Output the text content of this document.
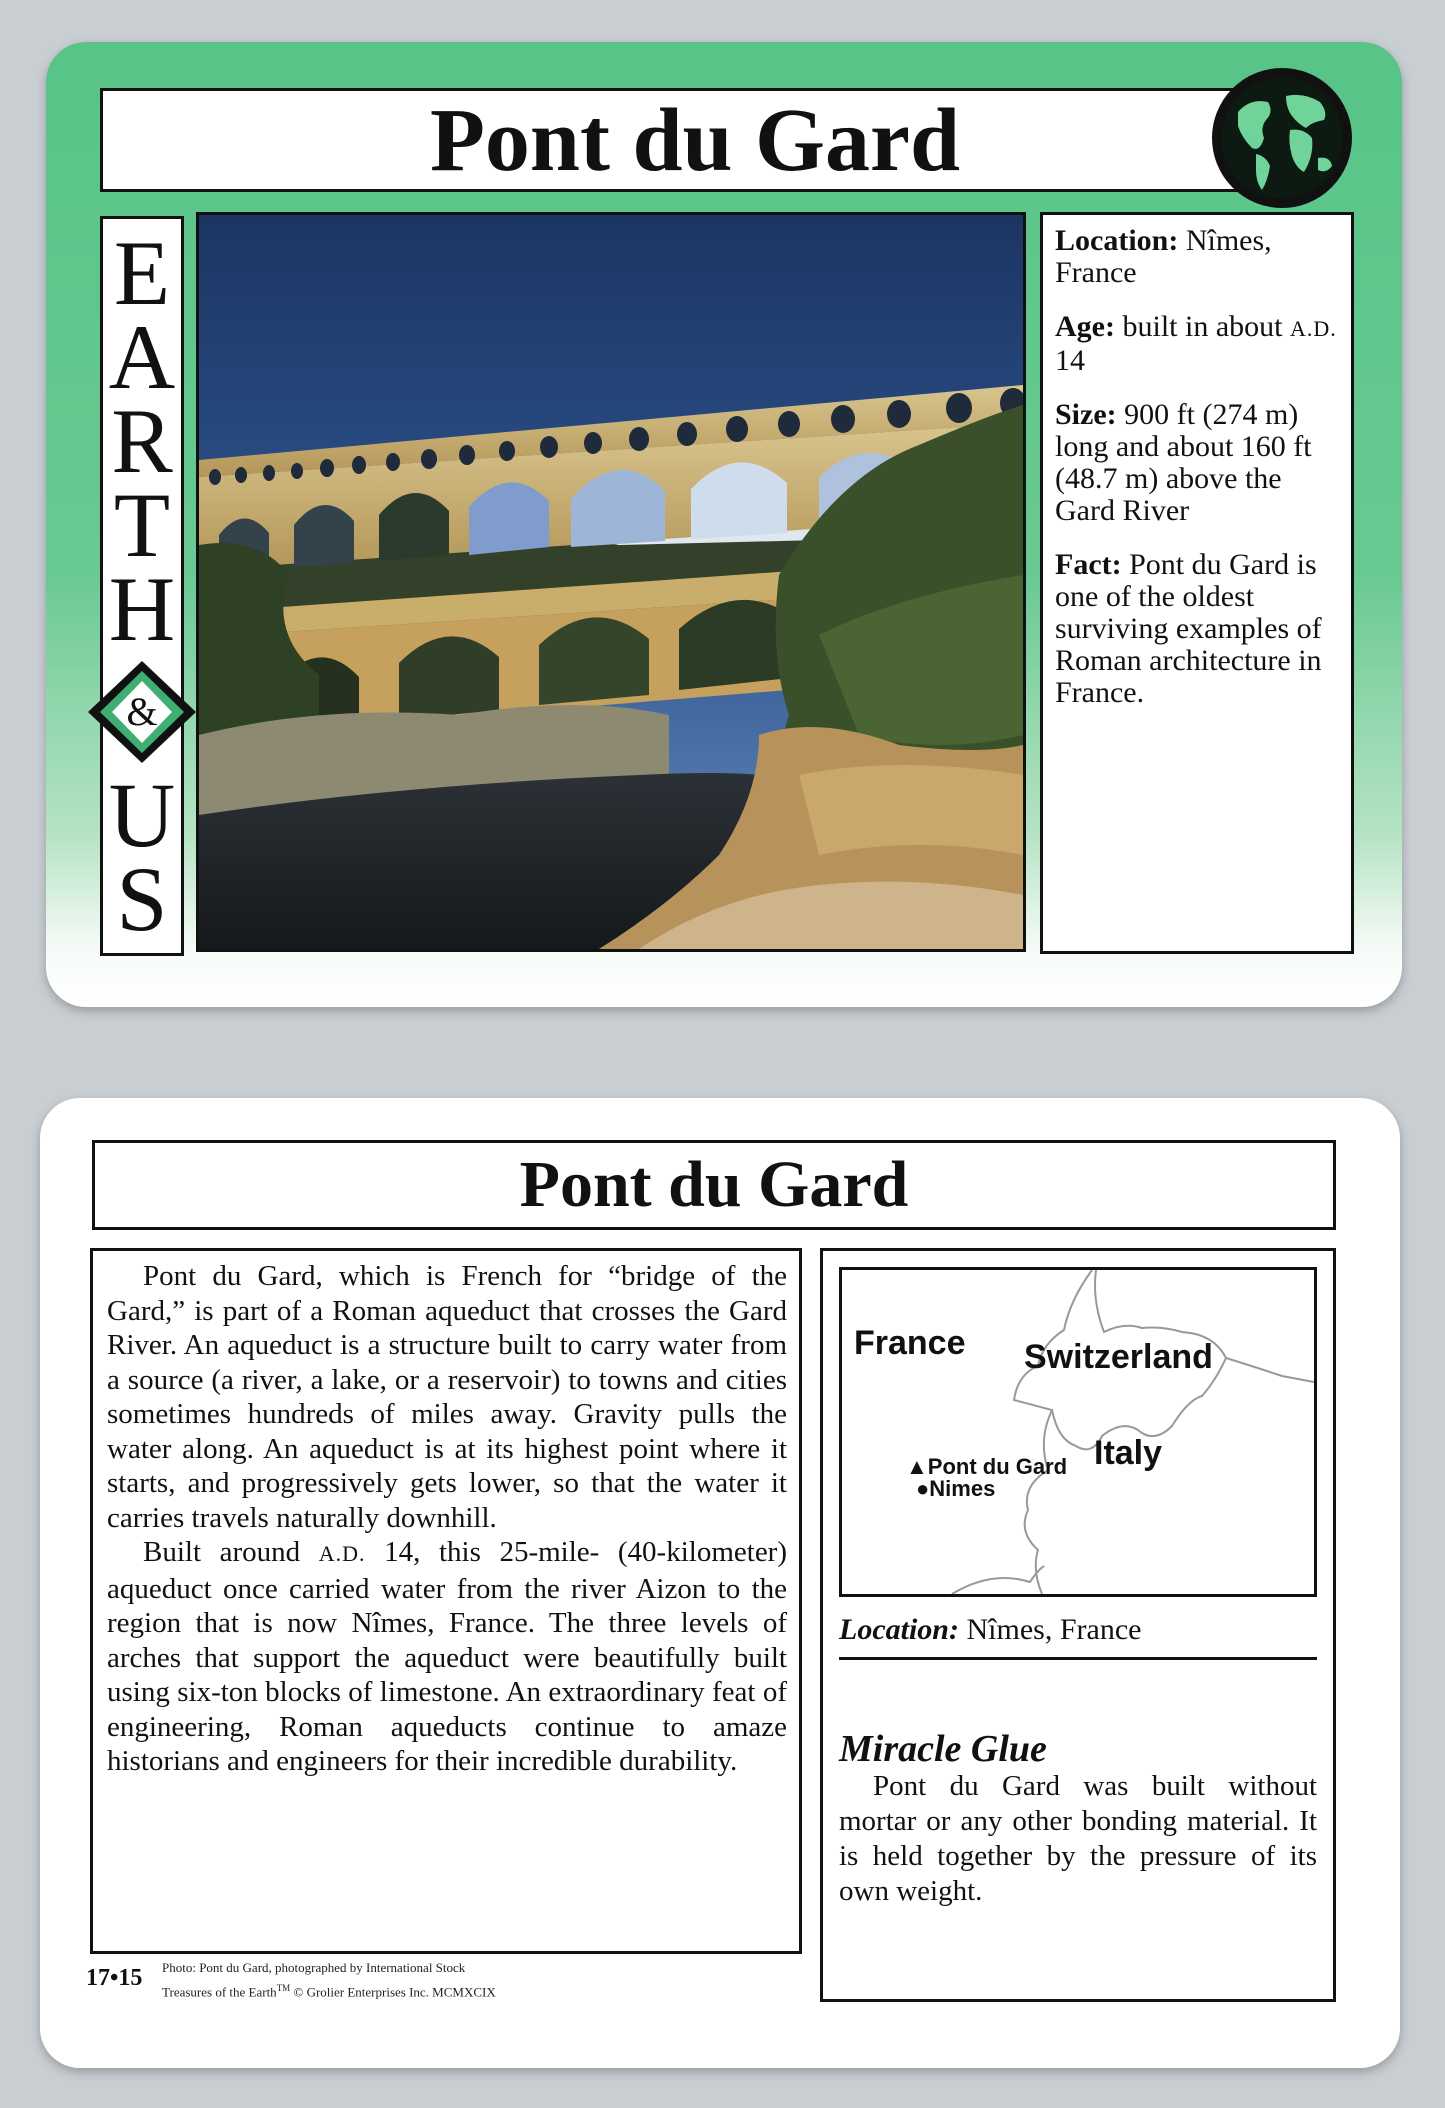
Pont du Gard
E
A
R
T
H
&
U
S
Location: Nîmes, France
Age: built in about A.D. 14
Size: 900 ft (274 m) long and about 160 ft (48.7 m) above the Gard River
Fact: Pont du Gard is one of the oldest surviving examples of Roman architecture in France.
Pont du Gard

Pont du Gard, which is French for “bridge of the Gard,” is part of a Roman aqueduct that crosses the Gard River. An aqueduct is a structure built to carry water from a source (a river, a lake, or a reservoir) to towns and cities sometimes hundreds of miles away. Gravity pulls the water along. An aqueduct is at its highest point where it starts, and progressively gets lower, so that the water it carries travels naturally downhill.

Built around A.D. 14, this 25-mile- (40-kilometer) aqueduct once carried water from the river Aizon to the region that is now Nîmes, France. The three levels of arches that support the aqueduct were beautifully built using six-ton blocks of limestone. An extraordinary feat of engineering, Roman aqueducts continue to amaze historians and engineers for their incredible durability.

France Switzerland
Italy
▲Pont du Gard
●Nimes
Location: Nîmes, France
Miracle Glue
Pont du Gard was built without mortar or any other bonding material. It is held together by the pressure of its own weight.
17•15 Photo: Pont du Gard, photographed by International Stock
Treasures of the Earth™ © Grolier Enterprises Inc. MCMXCIX
